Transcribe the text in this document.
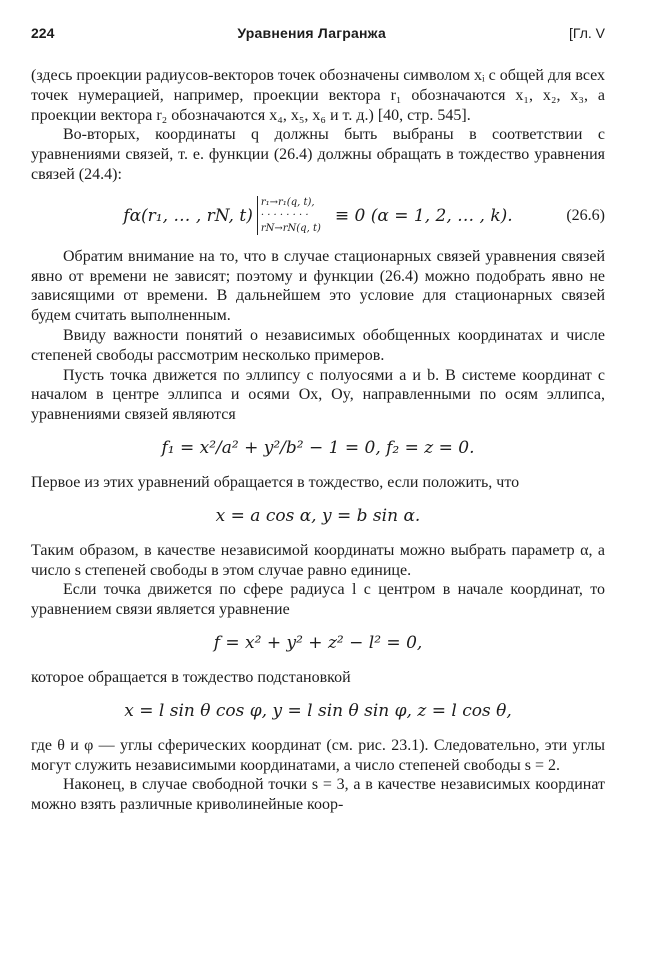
224	Уравнения Лагранжа	[Гл. V

(здесь проекции радиусов-векторов точек обозначены символом xᵢ с общей для всех точек нумерацией, например, проекции вектора r₁ обозначаются x₁, x₂, x₃, а проекции вектора r₂ обозначаются x₄, x₅, x₆ и т. д.) [40, стр. 545].

Во-вторых, координаты q должны быть выбраны в соответствии с уравнениями связей, т. е. функции (26.4) должны обращать в тождество уравнения связей (24.4):

fα(r₁, … , rN, t)
r₁→r₁(q, t),
· · · · · · · ·
rN→rN(q, t)
≡ 0 (α = 1, 2, … , k).	(26.6)

Обратим внимание на то, что в случае стационарных связей уравнения связей явно от времени не зависят; поэтому и функции (26.4) можно подобрать явно не зависящими от времени. В дальнейшем это условие для стационарных связей будем считать выполненным.

Ввиду важности понятий о независимых обобщенных координатах и числе степеней свободы рассмотрим несколько примеров.

Пусть точка движется по эллипсу с полуосями a и b. В системе координат с началом в центре эллипса и осями Ox, Oy, направленными по осям эллипса, уравнениями связей являются

f₁ = x²/a² + y²/b² − 1 = 0, f₂ = z = 0.

Первое из этих уравнений обращается в тождество, если положить, что

x = a cos α, y = b sin α.

Таким образом, в качестве независимой координаты можно выбрать параметр α, а число s степеней свободы в этом случае равно единице.

Если точка движется по сфере радиуса l с центром в начале координат, то уравнением связи является уравнение

f = x² + y² + z² − l² = 0,

которое обращается в тождество подстановкой

x = l sin θ cos φ, y = l sin θ sin φ, z = l cos θ,

где θ и φ — углы сферических координат (см. рис. 23.1). Следовательно, эти углы могут служить независимыми координатами, а число степеней свободы s = 2.

Наконец, в случае свободной точки s = 3, а в качестве независимых координат можно взять различные криволинейные коор-
